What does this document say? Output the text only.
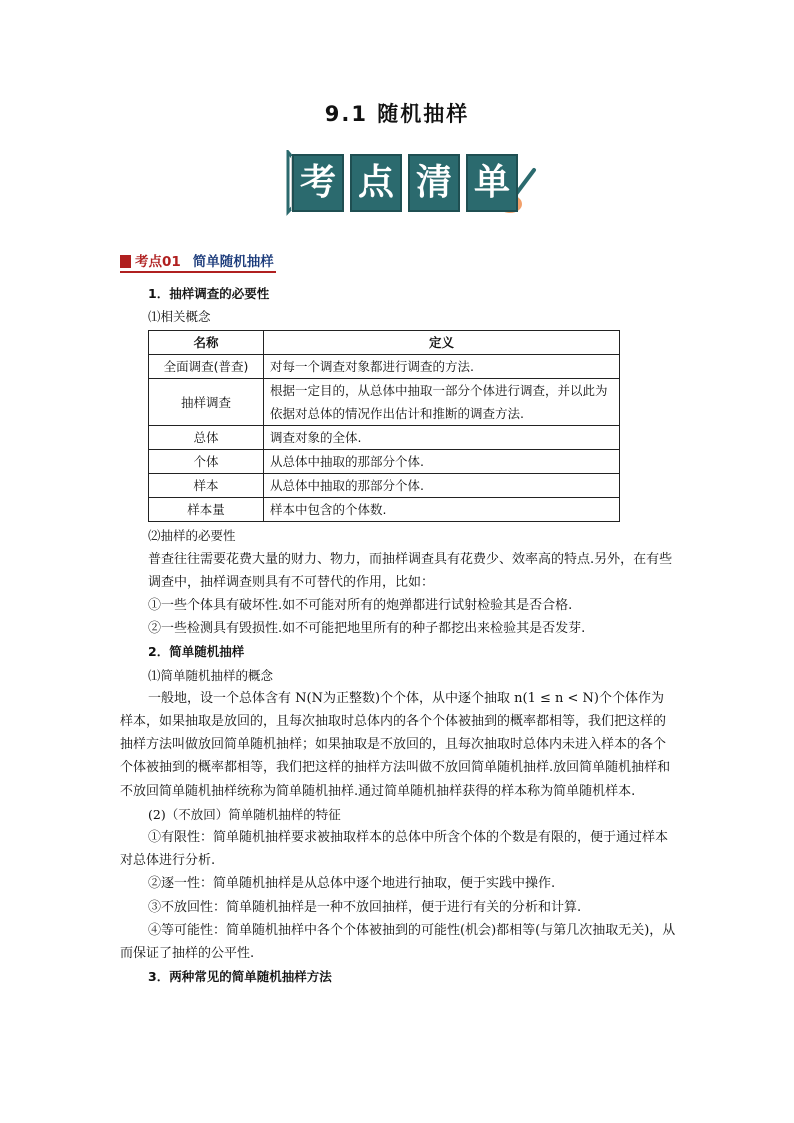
9.1 随机抽样
考 点 清 单
考点01 简单随机抽样

1．抽样调查的必要性

⑴相关概念

名称	定义
全面调查(普查)	对每一个调查对象都进行调查的方法.
抽样调查	根据一定目的，从总体中抽取一部分个体进行调查，并以此为依据对总体的情况作出估计和推断的调查方法.
总体	调查对象的全体.
个体	从总体中抽取的那部分个体.
样本	从总体中抽取的那部分个体.
样本量	样本中包含的个体数.

⑵抽样的必要性

普查往往需要花费大量的财力、物力，而抽样调查具有花费少、效率高的特点.另外，在有些调查中，抽样调查则具有不可替代的作用，比如：

①一些个体具有破坏性.如不可能对所有的炮弹都进行试射检验其是否合格.

②一些检测具有毁损性.如不可能把地里所有的种子都挖出来检验其是否发芽.

2．简单随机抽样

⑴简单随机抽样的概念

一般地，设一个总体含有 N(N为正整数)个个体，从中逐个抽取 n(1 ≤ n < N)个个体作为样本，如果抽取是放回的，且每次抽取时总体内的各个个体被抽到的概率都相等，我们把这样的抽样方法叫做放回简单随机抽样；如果抽取是不放回的，且每次抽取时总体内未进入样本的各个个体被抽到的概率都相等，我们把这样的抽样方法叫做不放回简单随机抽样.放回简单随机抽样和不放回简单随机抽样统称为简单随机抽样.通过简单随机抽样获得的样本称为简单随机样本.

(2)（不放回）简单随机抽样的特征

①有限性：简单随机抽样要求被抽取样本的总体中所含个体的个数是有限的，便于通过样本对总体进行分析.

②逐一性：简单随机抽样是从总体中逐个地进行抽取，便于实践中操作.

③不放回性：简单随机抽样是一种不放回抽样，便于进行有关的分析和计算.

④等可能性：简单随机抽样中各个个体被抽到的可能性(机会)都相等(与第几次抽取无关)，从而保证了抽样的公平性.

3．两种常见的简单随机抽样方法
